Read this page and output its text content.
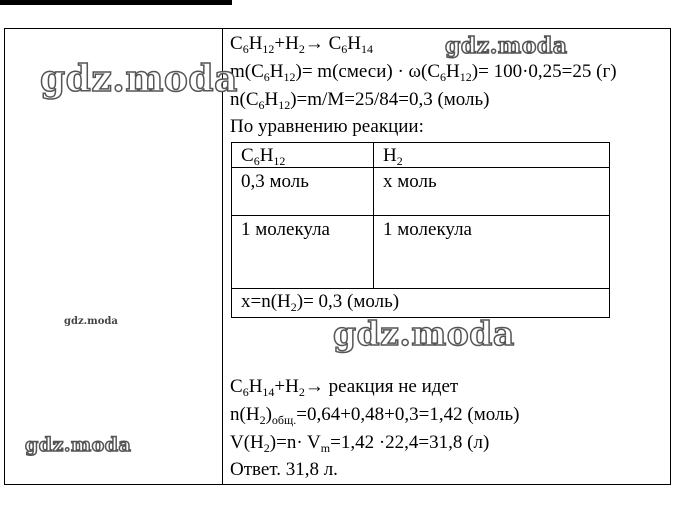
$C_6H_{12}+H_2\to C_6H_{14}$
$m(C_6H_{12})=$ m(смеси) · $\omega(C_6H_{12})= 100\cdot 0,25=25$ (г)
$n(C_6H_{12})=m/M=25/84=0,3$ (моль)
По уравнению реакции:
$C_6H_{12}$	$H_2$
0,3 моль	x моль
1 молекула	1 молекула
$x=n(H_2)= 0,3$ (моль)
$C_6H_{14}+H_2\to$ реакция не идет
$n(H_2)_{общ.}=0,64+0,48+0,3=1,42$ (моль)
$V(H_2)=n\cdot V_m=1,42 \cdot 22,4=31,8$ (л)
Ответ. 31,8 л.
gdz.moda
gdz.moda
gdz.moda
gdz.moda
gdz.moda
